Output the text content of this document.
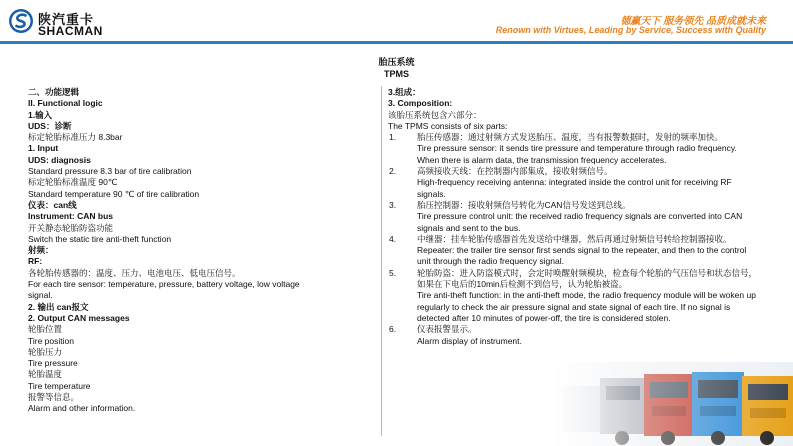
陕汽重卡
SHACMAN
德赢天下 服务领先 品质成就未来
Renown with Virtues, Leading by Service, Success with Quality
胎压系统
TPMS

二、功能逻辑

II. Functional logic

1.输入

UDS：诊断

标定轮胎标准压力 8.3bar

1. Input

UDS: diagnosis

Standard pressure 8.3 bar of tire calibration

标定轮胎标准温度 90℃

Standard temperature 90 ℃ of tire calibration

仪表：can线

Instrument: CAN bus

开关静态轮胎防盗功能

Switch the static tire anti-theft function

射频：

RF:

各轮胎传感器的：温度、压力、电池电压、低电压信号。

For each tire sensor: temperature, pressure, battery voltage, low voltage

signal.

2. 输出 can报文

2. Output CAN messages

轮胎位置

Tire position

轮胎压力

Tire pressure

轮胎温度

Tire temperature

报警等信息。

Alarm and other information.

3.组成：

3. Composition:

该胎压系统包含六部分：

The TPMS consists of six parts:

1. 胎压传感器：通过射频方式发送胎压、温度，当有报警数据时，发射的频率加快。
Tire pressure sensor: it sends tire pressure and temperature through radio frequency. When there is alarm data, the transmission frequency accelerates.
2. 高频接收天线：在控制器内部集成，接收射频信号。
High-frequency receiving antenna: integrated inside the control unit for receiving RF signals.
3. 胎压控制器：接收射频信号转化为CAN信号发送到总线。
Tire pressure control unit: the received radio frequency signals are converted into CAN signals and sent to the bus.
4. 中继器：挂车轮胎传感器首先发送给中继器，然后再通过射频信号转给控制器接收。
Repeater: the trailer tire sensor first sends signal to the repeater, and then to the control unit through the radio frequency signal.
5. 轮胎防盗：进入防盗模式时，会定时唤醒射频模块，检查每个轮胎的气压信号和状态信号，如果在下电后的10min后检测不到信号，认为轮胎被盗。
Tire anti-theft function: in the anti-theft mode, the radio frequency module will be woken up regularly to check the air pressure signal and state signal of each tire. If no signal is detected after 10 minutes of power-off, the tire is considered stolen.
6. 仪表报警显示。
Alarm display of instrument.
